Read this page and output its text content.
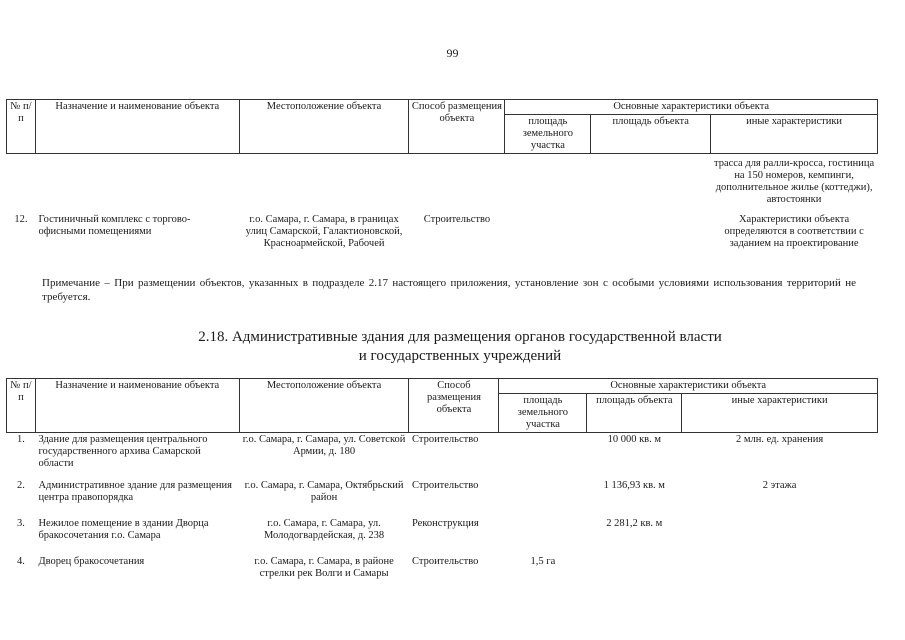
99
№ п/п	Назначение и наименование объекта	Местоположение объекта	Способ размещения объекта	Основные характеристики объекта		
				площадь земельного участка	площадь объекта	иные характеристики
						трасса для ралли-кросса, гостиница на 150 номеров, кемпинги, дополнительное жилье (коттеджи), автостоянки
12.	Гостиничный комплекс с торгово-офисными помещениями	г.о. Самара, г. Самара, в границах улиц Самарской, Галактионовской, Красноармейской, Рабочей	Строительство			Характеристики объекта определяются в соответствии с заданием на проектирование
Примечание – При размещении объектов, указанных в подразделе 2.17 настоящего приложения, установление зон с особыми условиями использования территорий не требуется.
2.18. Административные здания для размещения органов государственной власти
и государственных учреждений
№ п/п	Назначение и наименование объекта	Местоположение объекта	Способ размещения объекта	Основные характеристики объекта		
				площадь земельного участка	площадь объекта	иные характеристики
1.	Здание для размещения центрального государственного архива Самарской области	г.о. Самара, г. Самара, ул. Советской Армии, д. 180	Строительство		10 000 кв. м	2 млн. ед. хранения
2.	Административное здание для размещения центра правопорядка	г.о. Самара, г. Самара, Октябрьский район	Строительство		1 136,93 кв. м	2 этажа
3.	Нежилое помещение в здании Дворца бракосочетания г.о. Самара	г.о. Самара, г. Самара, ул. Молодогвардейская, д. 238	Реконструкция		2 281,2 кв. м	
4.	Дворец бракосочетания	г.о. Самара, г. Самара, в районе стрелки рек Волги и Самары	Строительство	1,5 га		
